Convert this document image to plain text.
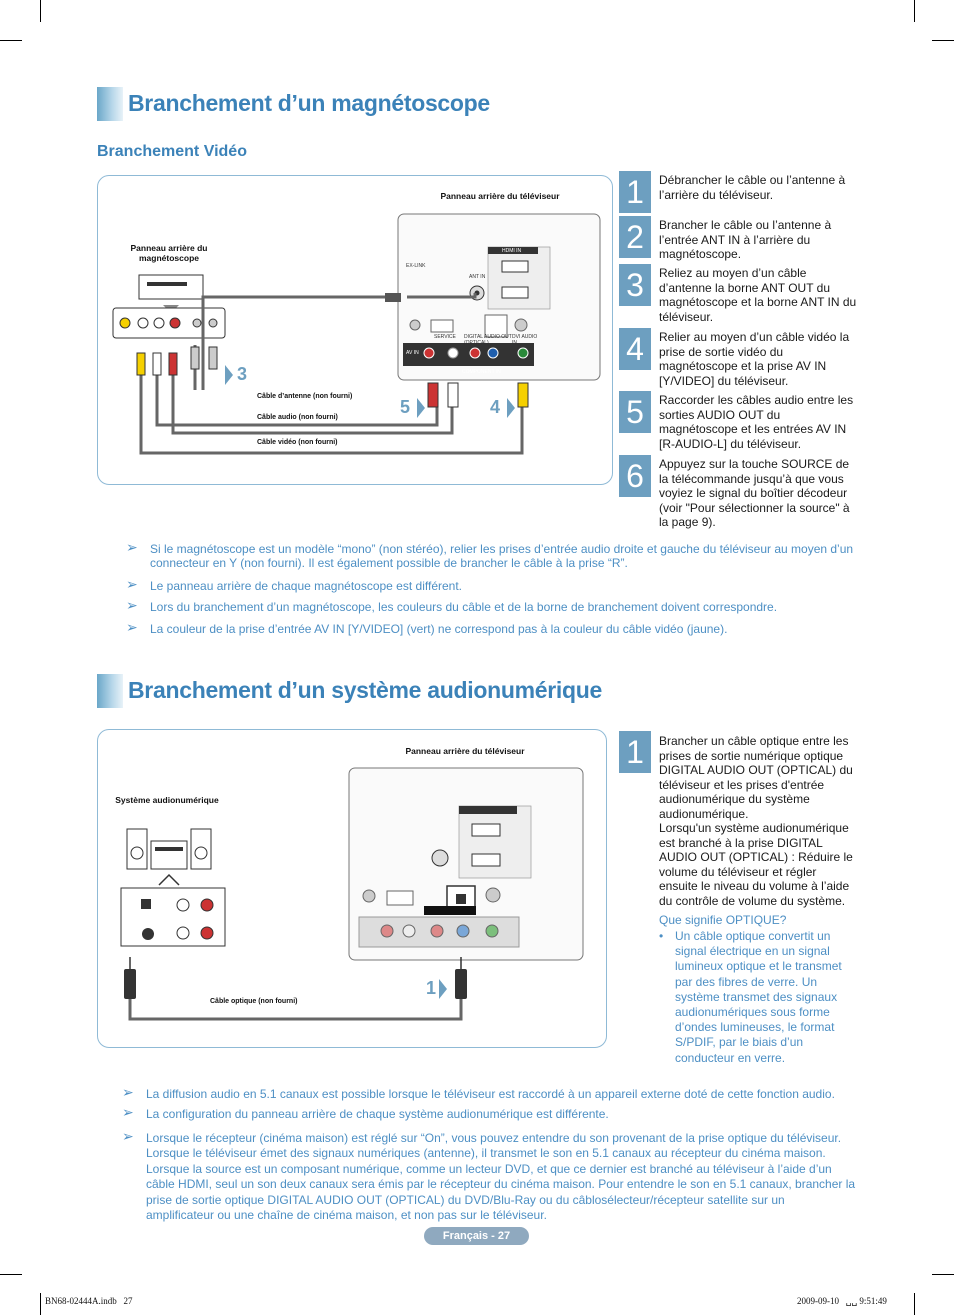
Branchement d’un magnétoscope
Branchement Vidéo
Panneau arrière du téléviseur
Panneau arrière du magnétoscope
3
5	4
Câble d’antenne (non fourni)
Câble audio (non fourni)
Câble vidéo (non fourni)
EX-LINK
SERVICE
ANT IN
HDMI IN
DIGITAL AUDIO OUT (OPTICAL)
DVI AUDIO IN
AV IN
COMPONENT IN
1	Débrancher le câble ou l’antenne à l’arrière du téléviseur.
2	Brancher le câble ou l’antenne à l’entrée ANT IN à l’arrière du magnétoscope.
3	Reliez au moyen d’un câble d’antenne la borne ANT OUT du magnétoscope et la borne ANT IN du téléviseur.
4	Relier au moyen d’un câble vidéo la prise de sortie vidéo du magnétoscope et la prise AV IN [Y/VIDEO] du téléviseur.
5	Raccorder les câbles audio entre les sorties AUDIO OUT du magnétoscope et les entrées AV IN [R-AUDIO-L] du téléviseur.
6	Appuyez sur la touche SOURCE de la télécommande jusqu’à que vous voyiez le signal du boîtier décodeur (voir "Pour sélectionner la source" à la page 9).
➢ Si le magnétoscope est un modèle “mono” (non stéréo), relier les prises d’entrée audio droite et gauche du téléviseur au moyen d’un connecteur en Y (non fourni). Il est également possible de brancher le câble à la prise “R”.
➢ Le panneau arrière de chaque magnétoscope est différent.
➢ Lors du branchement d’un magnétoscope, les couleurs du câble et de la borne de branchement doivent correspondre.
➢ La couleur de la prise d’entrée AV IN [Y/VIDEO] (vert) ne correspond pas à la couleur du câble vidéo (jaune).
Branchement d’un système audionumérique
Panneau arrière du téléviseur
Système audionumérique
1
Câble optique (non fourni)
1	Brancher un câble optique entre les prises de sortie numérique optique DIGITAL AUDIO OUT (OPTICAL) du téléviseur et les prises d'entrée audionumérique du système audionumérique.
Lorsqu'un système audionumérique est branché à la prise DIGITAL AUDIO OUT (OPTICAL) : Réduire le volume du téléviseur et régler ensuite le niveau du volume à l’aide du contrôle de volume du système.
Que signifie OPTIQUE?
• Un câble optique convertit un signal électrique en un signal lumineux optique et le transmet par des fibres de verre. Un système transmet des signaux audionumériques sous forme d’ondes lumineuses, le format S/PDIF, par le biais d’un conducteur en verre.
➢ La diffusion audio en 5.1 canaux est possible lorsque le téléviseur est raccordé à un appareil externe doté de cette fonction audio.
➢ La configuration du panneau arrière de chaque système audionumérique est différente.
➢ Lorsque le récepteur (cinéma maison) est réglé sur “On”, vous pouvez entendre du son provenant de la prise optique du téléviseur. Lorsque le téléviseur émet des signaux numériques (antenne), il transmet le son en 5.1 canaux au récepteur du cinéma maison. Lorsque la source est un composant numérique, comme un lecteur DVD, et que ce dernier est branché au téléviseur à l’aide d’un câble HDMI, seul un son deux canaux sera émis par le récepteur du cinéma maison. Pour entendre le son en 5.1 canaux, brancher la prise de sortie optique DIGITAL AUDIO OUT (OPTICAL) du DVD/Blu-Ray ou du câblosélecteur/récepteur satellite sur un amplificateur ou une chaîne de cinéma maison, et non pas sur le téléviseur.
Français - 27
BN68-02444A.indb   27	2009-09-10   ␣␣ 9:51:49
